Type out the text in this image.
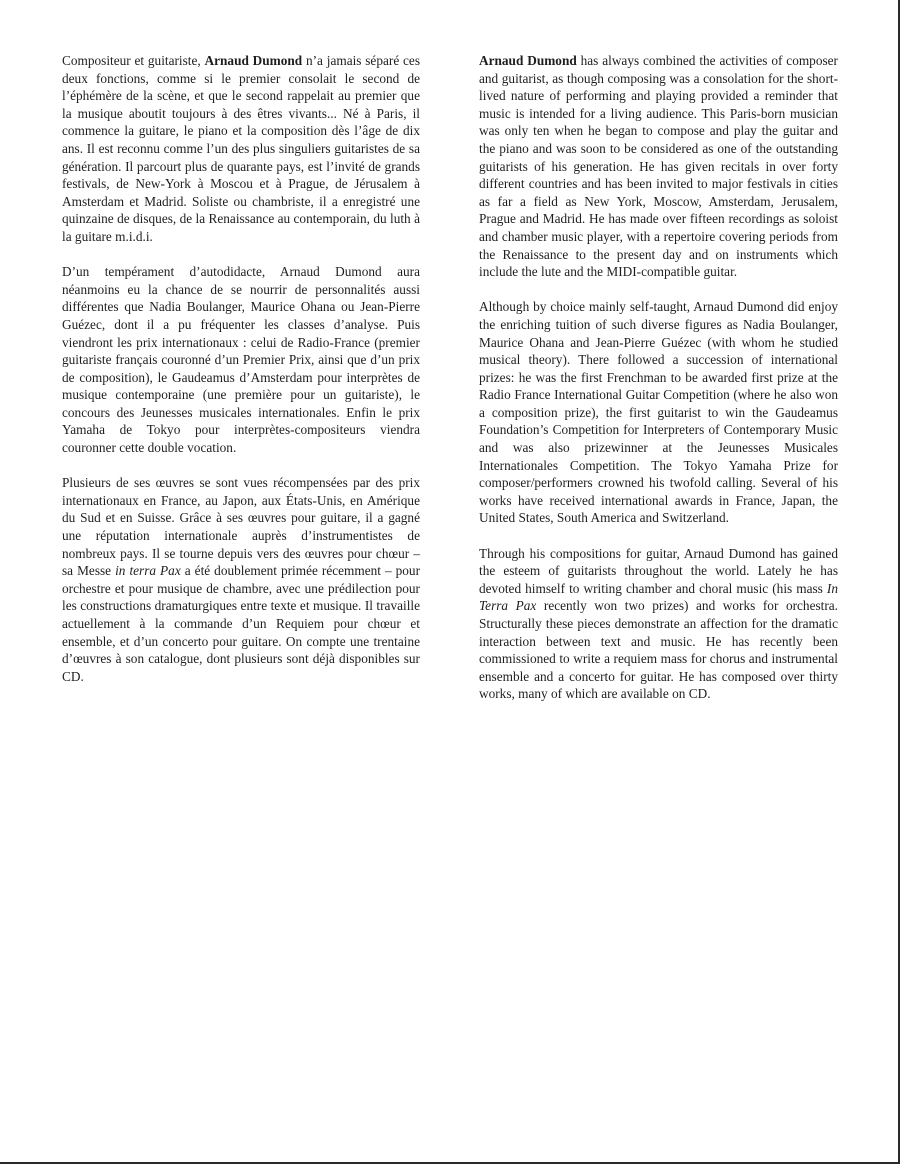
Compositeur et guitariste, Arnaud Dumond n’a jamais séparé ces deux fonctions, comme si le premier consolait le second de l’éphémère de la scène, et que le second rappelait au premier que la musique aboutit toujours à des êtres vivants... Né à Paris, il commence la guitare, le piano et la composition dès l’âge de dix ans. Il est reconnu comme l’un des plus singuliers guitaristes de sa génération. Il parcourt plus de quarante pays, est l’invité de grands festivals, de New-York à Moscou et à Prague, de Jérusalem à Amsterdam et Madrid. Soliste ou chambriste, il a enregistré une quinzaine de disques, de la Renaissance au contemporain, du luth à la guitare m.i.d.i.

D’un tempérament d’autodidacte, Arnaud Dumond aura néanmoins eu la chance de se nourrir de personnalités aussi différentes que Nadia Boulanger, Maurice Ohana ou Jean-Pierre Guézec, dont il a pu fréquenter les classes d’analyse. Puis viendront les prix internationaux : celui de Radio-France (premier guitariste français couronné d’un Premier Prix, ainsi que d’un prix de composition), le Gaudeamus d’Amsterdam pour interprètes de musique contemporaine (une première pour un guitariste), le concours des Jeunesses musicales internationales. Enfin le prix Yamaha de Tokyo pour interprètes-compositeurs viendra couronner cette double vocation.

Plusieurs de ses œuvres se sont vues récompensées par des prix internationaux en France, au Japon, aux États-Unis, en Amérique du Sud et en Suisse. Grâce à ses œuvres pour guitare, il a gagné une réputation internationale auprès d’instrumentistes de nombreux pays. Il se tourne depuis vers des œuvres pour chœur – sa Messe in terra Pax a été doublement primée récemment – pour orchestre et pour musique de chambre, avec une prédilection pour les constructions dramaturgiques entre texte et musique. Il travaille actuellement à la commande d’un Requiem pour chœur et ensemble, et d’un concerto pour guitare. On compte une trentaine d’œuvres à son catalogue, dont plusieurs sont déjà disponibles sur CD.

Arnaud Dumond has always combined the activities of composer and guitarist, as though composing was a consolation for the short-lived nature of performing and playing provided a reminder that music is intended for a living audience. This Paris-born musician was only ten when he began to compose and play the guitar and the piano and was soon to be considered as one of the outstanding guitarists of his generation. He has given recitals in over forty different countries and has been invited to major festivals in cities as far a field as New York, Moscow, Amsterdam, Jerusalem, Prague and Madrid. He has made over fifteen recordings as soloist and chamber music player, with a repertoire covering periods from the Renaissance to the present day and on instruments which include the lute and the MIDI-compatible guitar.

Although by choice mainly self-taught, Arnaud Dumond did enjoy the enriching tuition of such diverse figures as Nadia Boulanger, Maurice Ohana and Jean-Pierre Guézec (with whom he studied musical theory). There followed a succession of international prizes: he was the first Frenchman to be awarded first prize at the Radio France International Guitar Competition (where he also won a composition prize), the first guitarist to win the Gaudeamus Foundation’s Competition for Interpreters of Contemporary Music and was also prizewinner at the Jeunesses Musicales Internationales Competition. The Tokyo Yamaha Prize for composer/performers crowned his twofold calling. Several of his works have received international awards in France, Japan, the United States, South America and Switzerland.

Through his compositions for guitar, Arnaud Dumond has gained the esteem of guitarists throughout the world. Lately he has devoted himself to writing chamber and choral music (his mass In Terra Pax recently won two prizes) and works for orchestra. Structurally these pieces demonstrate an affection for the dramatic interaction between text and music. He has recently been commissioned to write a requiem mass for chorus and instrumental ensemble and a concerto for guitar. He has composed over thirty works, many of which are available on CD.
